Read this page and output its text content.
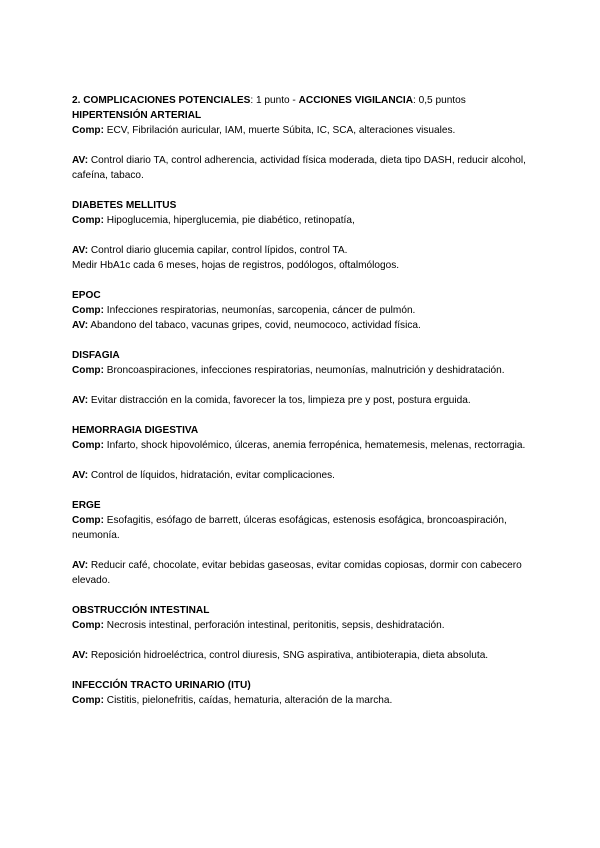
2. COMPLICACIONES POTENCIALES: 1 punto - ACCIONES VIGILANCIA: 0,5 puntos

HIPERTENSIÓN ARTERIAL

Comp: ECV, Fibrilación auricular, IAM, muerte Súbita, IC, SCA, alteraciones visuales.

AV: Control diario TA, control adherencia, actividad física moderada, dieta tipo DASH, reducir alcohol, cafeína, tabaco.

DIABETES MELLITUS

Comp: Hipoglucemia, hiperglucemia, pie diabético, retinopatía,

AV: Control diario glucemia capilar, control lípidos, control TA.

Medir HbA1c cada 6 meses, hojas de registros, podólogos, oftalmólogos.

EPOC

Comp: Infecciones respiratorias, neumonías, sarcopenia, cáncer de pulmón.

AV: Abandono del tabaco, vacunas gripes, covid, neumococo, actividad física.

DISFAGIA

Comp: Broncoaspiraciones, infecciones respiratorias, neumonías, malnutrición y deshidratación.

AV: Evitar distracción en la comida, favorecer la tos, limpieza pre y post, postura erguida.

HEMORRAGIA DIGESTIVA

Comp: Infarto, shock hipovolémico, úlceras, anemia ferropénica, hematemesis, melenas, rectorragia.

AV: Control de líquidos, hidratación, evitar complicaciones.

ERGE

Comp: Esofagitis, esófago de barrett, úlceras esofágicas, estenosis esofágica, broncoaspiración, neumonía.

AV: Reducir café, chocolate, evitar bebidas gaseosas, evitar comidas copiosas, dormir con cabecero elevado.

OBSTRUCCIÓN INTESTINAL

Comp: Necrosis intestinal, perforación intestinal, peritonitis, sepsis, deshidratación.

AV: Reposición hidroeléctrica, control diuresis, SNG aspirativa, antibioterapia, dieta absoluta.

INFECCIÓN TRACTO URINARIO (ITU)

Comp: Cistitis, pielonefritis, caídas, hematuria, alteración de la marcha.
